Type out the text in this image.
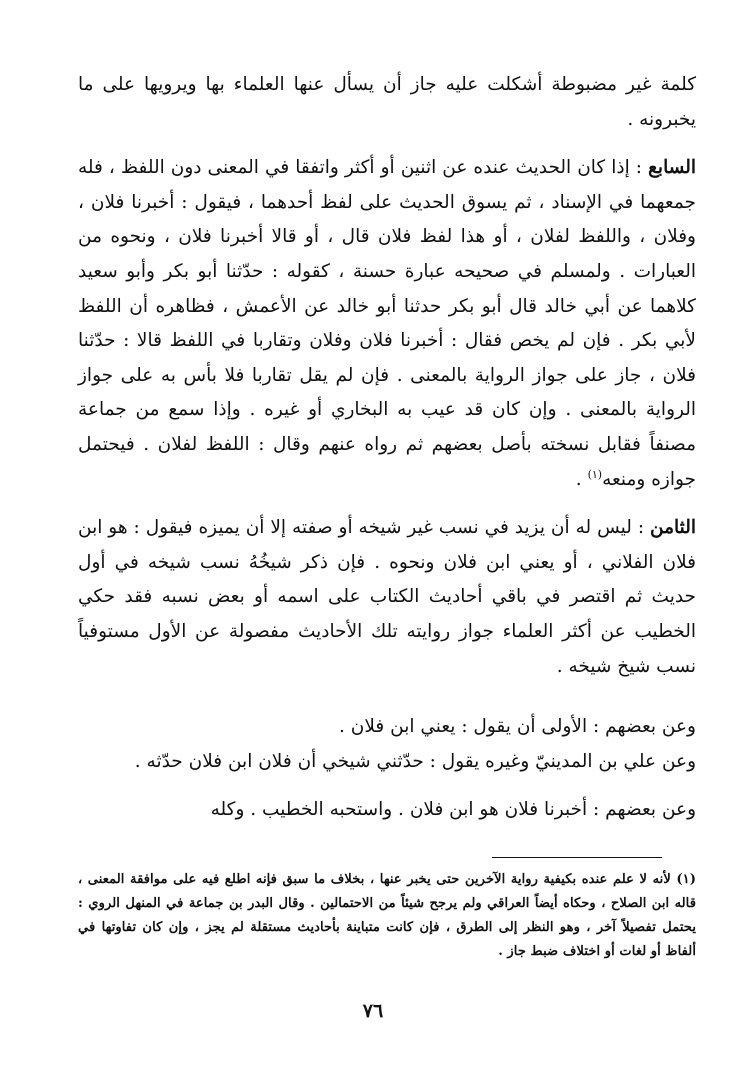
كلمة غير مضبوطة أشكلت عليه جاز أن يسأل عنها العلماء بها ويرويها على ما يخبرونه .

السابع : إذا كان الحديث عنده عن اثنين أو أكثر واتفقا في المعنى دون اللفظ ، فله جمعهما في الإسناد ، ثم يسوق الحديث على لفظ أحدهما ، فيقول : أخبرنا فلان ، وفلان ، واللفظ لفلان ، أو هذا لفظ فلان قال ، أو قالا أخبرنا فلان ، ونحوه من العبارات . ولمسلم في صحيحه عبارة حسنة ، كقوله : حدّثنا أبو بكر وأبو سعيد كلاهما عن أبي خالد قال أبو بكر حدثنا أبو خالد عن الأعمش ، فظاهره أن اللفظ لأبي بكر . فإن لم يخص فقال : أخبرنا فلان وفلان وتقاربا في اللفظ قالا : حدّثنا فلان ، جاز على جواز الرواية بالمعنى . فإن لم يقل تقاربا فلا بأس به على جواز الرواية بالمعنى . وإن كان قد عيب به البخاري أو غيره . وإذا سمع من جماعة مصنفاً فقابل نسخته بأصل بعضهم ثم رواه عنهم وقال : اللفظ لفلان . فيحتمل جوازه ومنعه$^{(١)}$ .

الثامن : ليس له أن يزيد في نسب غير شيخه أو صفته إلا أن يميزه فيقول : هو ابن فلان الفلاني ، أو يعني ابن فلان ونحوه . فإن ذكر شيخُهُ نسب شيخه في أول حديث ثم اقتصر في باقي أحاديث الكتاب على اسمه أو بعض نسبه فقد حكي الخطيب عن أكثر العلماء جواز روايته تلك الأحاديث مفصولة عن الأول مستوفياً نسب شيخ شيخه .

وعن بعضهم : الأولى أن يقول : يعني ابن فلان .

وعن علي بن المدينيّ وغيره يقول : حدّثني شيخي أن فلان ابن فلان حدّثه .

وعن بعضهم : أخبرنا فلان هو ابن فلان . واستحبه الخطيب . وكله

(١) لأنه لا علم عنده بكيفية رواية الآخرين حتى يخبر عنها ، بخلاف ما سبق فإنه اطلع فيه على موافقة المعنى ، قاله ابن الصلاح ، وحكاه أيضاً العراقي ولم يرجح شيئاً من الاحتمالين . وقال البدر بن جماعة في المنهل الروي : يحتمل تفصيلاً آخر ، وهو النظر إلى الطرق ، فإن كانت متباينة بأحاديث مستقلة لم يجز ، وإن كان تفاوتها في ألفاظ أو لغات أو اختلاف ضبط جاز .

٧٦
